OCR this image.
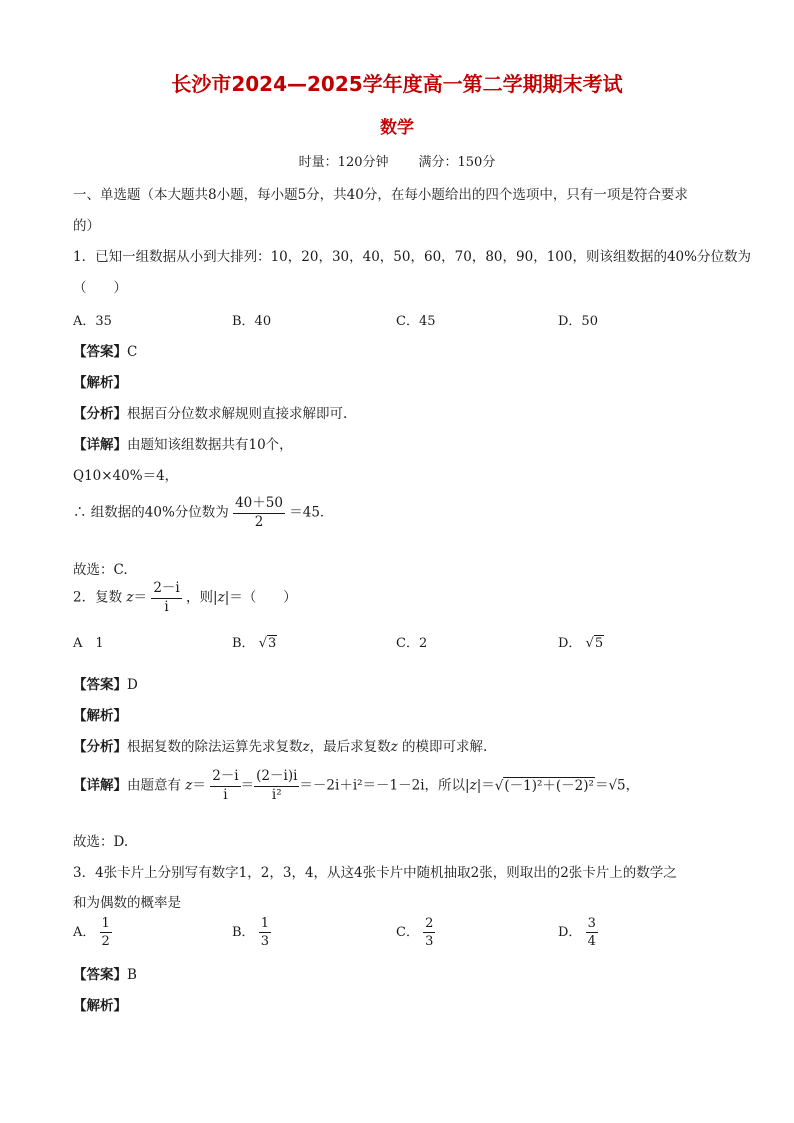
长沙市2024—2025学年度高一第二学期期末考试
数学
时量：120分钟 满分：150分
一、单选题（本大题共8小题，每小题5分，共40分，在每小题给出的四个选项中，只有一项是符合要求
的）
1．已知一组数据从小到大排列：10，20，30，40，50，60，70，80，90，100，则该组数据的40%分位数为
（　　）
A．35	B．40	C．45	D．50
【答案】C
【解析】
【分析】根据百分位数求解规则直接求解即可.
【详解】由题知该组数据共有10个，
Q10×40%＝4，
∴ 组数据的40%分位数为 $\frac{40+50}{2} =45$．
故选：C.
2．复数 $z= \frac{2-i}{i}$ ，则|z|＝（　　）
A　1	B． √3	C．2	D． √5
【答案】D
【解析】
【分析】根据复数的除法运算先求复数z，最后求复数z 的模即可求解.
【详解】由题意有 $z= \frac{2-i}{i} = \frac{(2-i)i}{\text{i²}} =-2i+i^2=-1-2i$，所以|z|＝√(－1)²＋(－2)²＝√5，
故选：D.
3．4张卡片上分别写有数字1，2，3，4，从这4张卡片中随机抽取2张，则取出的2张卡片上的数学之
和为偶数的概率是
A． $\frac{1}{2}$	B． $\frac{1}{3}$	C． $\frac{2}{3}$	D． $\frac{3}{4}$
【答案】B
【解析】
